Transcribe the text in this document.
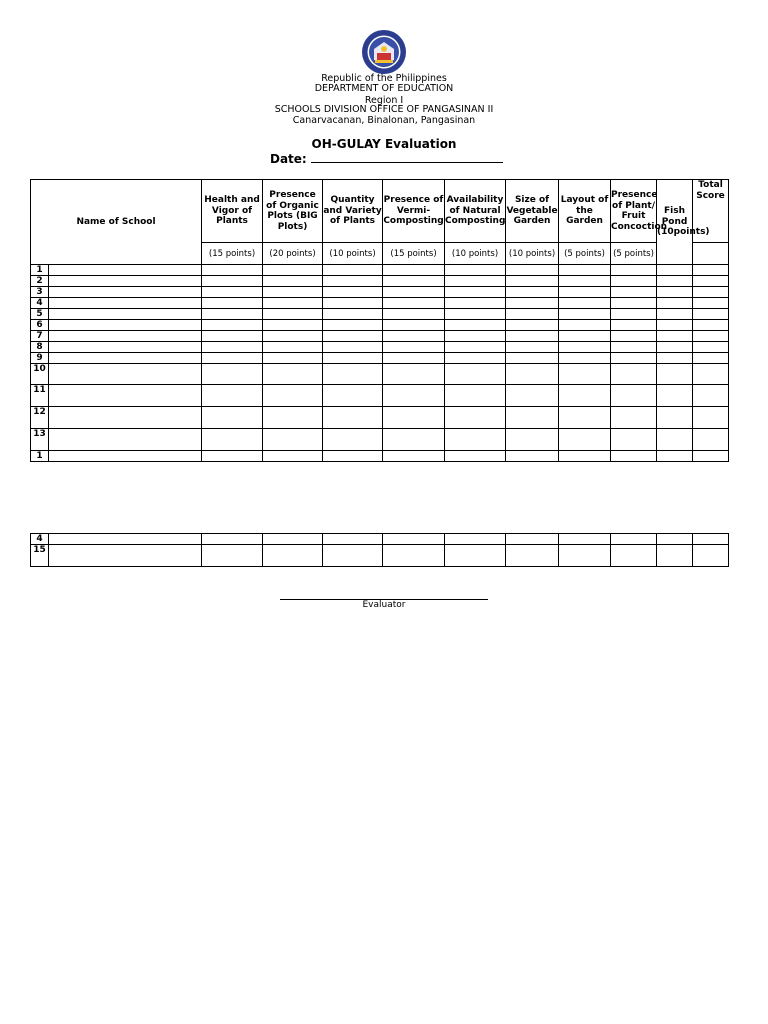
Republic of the Philippines
DEPARTMENT OF EDUCATION
Region I
SCHOOLS DIVISION OFFICE OF PANGASINAN II
Canarvacanan, Binalonan, Pangasinan
OH-GULAY Evaluation
Date:
Name of School		Health and Vigor of Plants	Presence of Organic Plots (BIG Plots)	Quantity and Variety of Plants	Presence of Vermi-Composting	Availability of Natural Composting	Size of Vegetable Garden	Layout of the Garden	Presence of Plant/ Fruit Concoction	Fish Pond (10points)	Total Score
		(15 points)	(20 points)	(10 points)	(15 points)	(10 points)	(10 points)	(5 points)	(5 points)		
1											
2											
3											
4											
5											
6											
7											
8											
9											
10											
11											
12											
13											
1											
4											
15											
Evaluator
